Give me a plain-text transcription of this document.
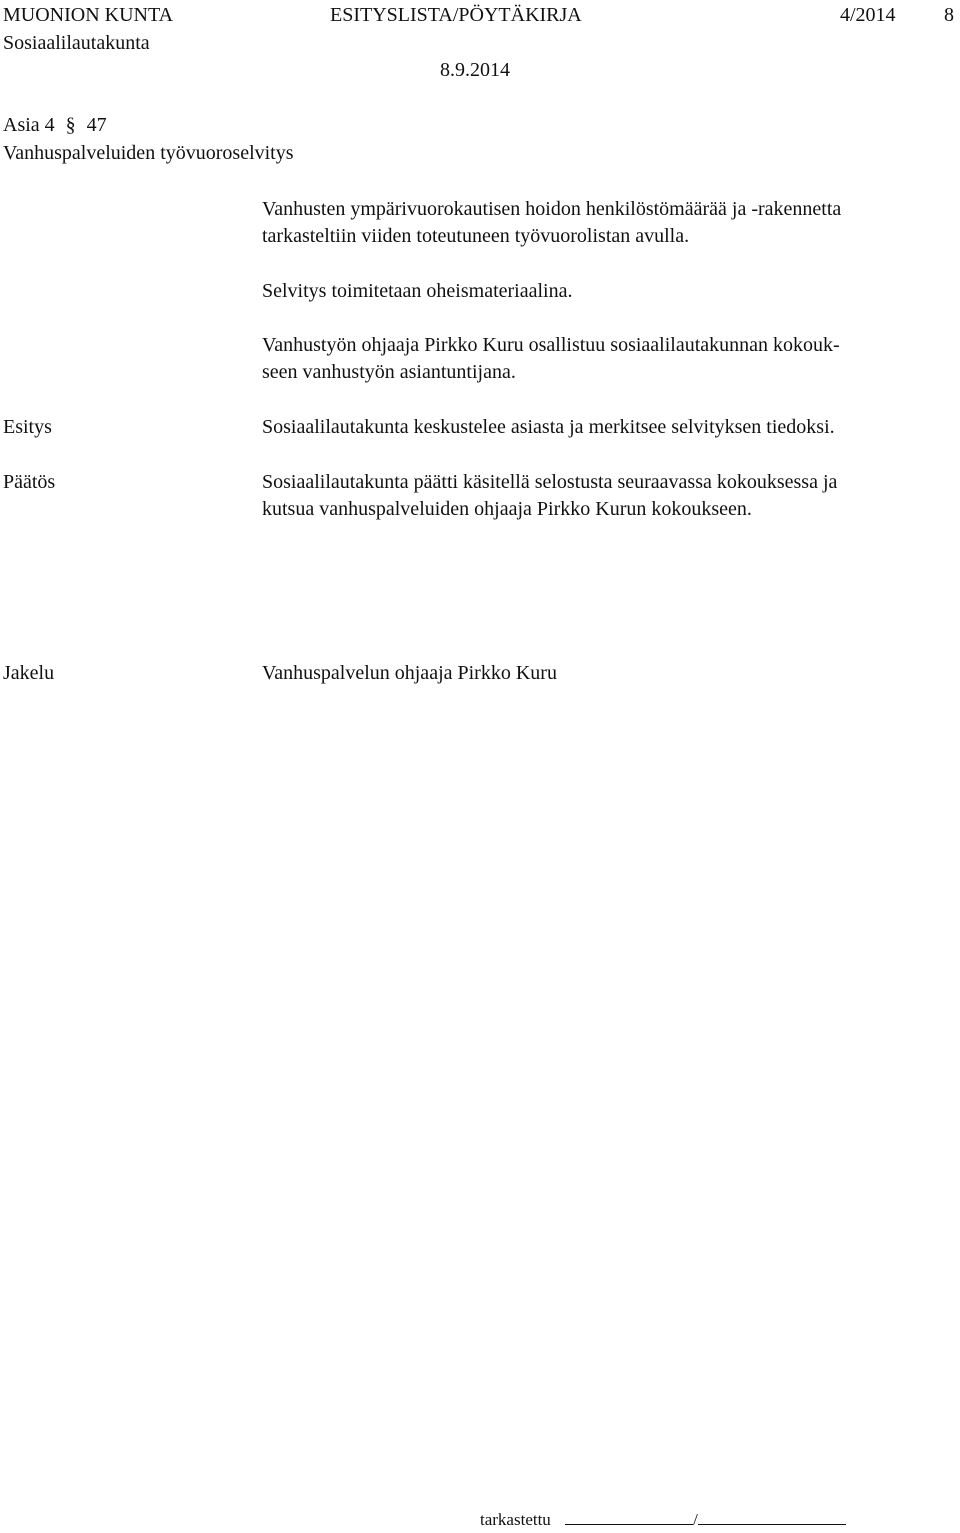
MUONION KUNTA	ESITYSLISTA/PÖYTÄKIRJA	4/2014 8
Sosiaalilautakunta
8.9.2014
Asia 4 § 47
Vanhuspalveluiden työvuoroselvitys
Vanhusten ympärivuorokautisen hoidon henkilöstömäärää ja -rakennetta
tarkasteltiin viiden toteutuneen työvuorolistan avulla.
Selvitys toimitetaan oheismateriaalina.
Vanhustyön ohjaaja Pirkko Kuru osallistuu sosiaalilautakunnan kokouk-
seen vanhustyön asiantuntijana.
Esitys	Sosiaalilautakunta keskustelee asiasta ja merkitsee selvityksen tiedoksi.
Päätös	Sosiaalilautakunta päätti käsitellä selostusta seuraavassa kokouksessa ja
kutsua vanhuspalveluiden ohjaaja Pirkko Kurun kokoukseen.
Jakelu	Vanhuspalvelun ohjaaja Pirkko Kuru
tarkastettu	/
